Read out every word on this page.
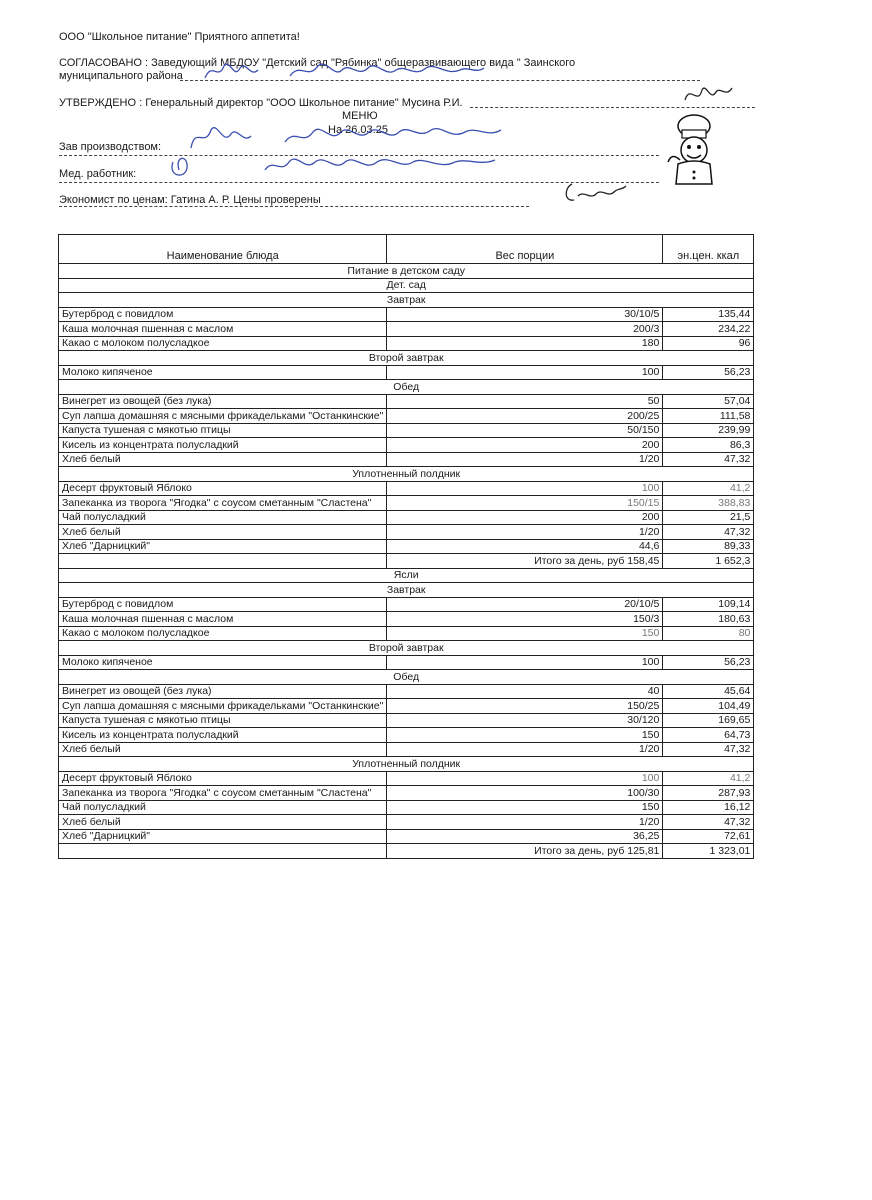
ООО "Школьное питание" Приятного аппетита!
СОГЛАСОВАНО : Заведующий МБДОУ "Детский сад "Рябинка" общеразвивающего вида " Заинского
муниципального района
УТВЕРЖДЕНО : Генеральный директор "ООО Школьное питание" Мусина Р.И.
МЕНЮ
На 26.03.25
Зав производством:
Мед. работник:
Экономист по ценам: Гатина А. Р. Цены проверены
Наименование блюда	Вес порции	эн.цен. ккал
Питание в детском саду		
Дет. сад		
Завтрак		
Бутерброд с повидлом	30/10/5	135,44
Каша молочная пшенная с маслом	200/3	234,22
Какао с молоком полусладкое	180	96
Второй завтрак		
Молоко кипяченое	100	56,23
Обед		
Винегрет из овощей (без лука)	50	57,04
Суп лапша домашняя с мясными фрикадельками "Останкинские"	200/25	111,58
Капуста тушеная с мякотью птицы	50/150	239,99
Кисель из концентрата полусладкий	200	86,3
Хлеб белый	1/20	47,32
Уплотненный полдник		
Десерт фруктовый Яблоко	100	41,2
Запеканка из творога "Ягодка" с соусом сметанным "Сластена"	150/15	388,83
Чай полусладкий	200	21,5
Хлеб белый	1/20	47,32
Хлеб "Дарницкий"	44,6	89,33
	Итого за день, руб 158,45	1 652,3
Ясли		
Завтрак		
Бутерброд с повидлом	20/10/5	109,14
Каша молочная пшенная с маслом	150/3	180,63
Какао с молоком полусладкое	150	80
Второй завтрак		
Молоко кипяченое	100	56,23
Обед		
Винегрет из овощей (без лука)	40	45,64
Суп лапша домашняя с мясными фрикадельками "Останкинские"	150/25	104,49
Капуста тушеная с мякотью птицы	30/120	169,65
Кисель из концентрата полусладкий	150	64,73
Хлеб белый	1/20	47,32
Уплотненный полдник		
Десерт фруктовый Яблоко	100	41,2
Запеканка из творога "Ягодка" с соусом сметанным "Сластена"	100/30	287,93
Чай полусладкий	150	16,12
Хлеб белый	1/20	47,32
Хлеб "Дарницкий"	36,25	72,61
	Итого за день, руб 125,81	1 323,01
